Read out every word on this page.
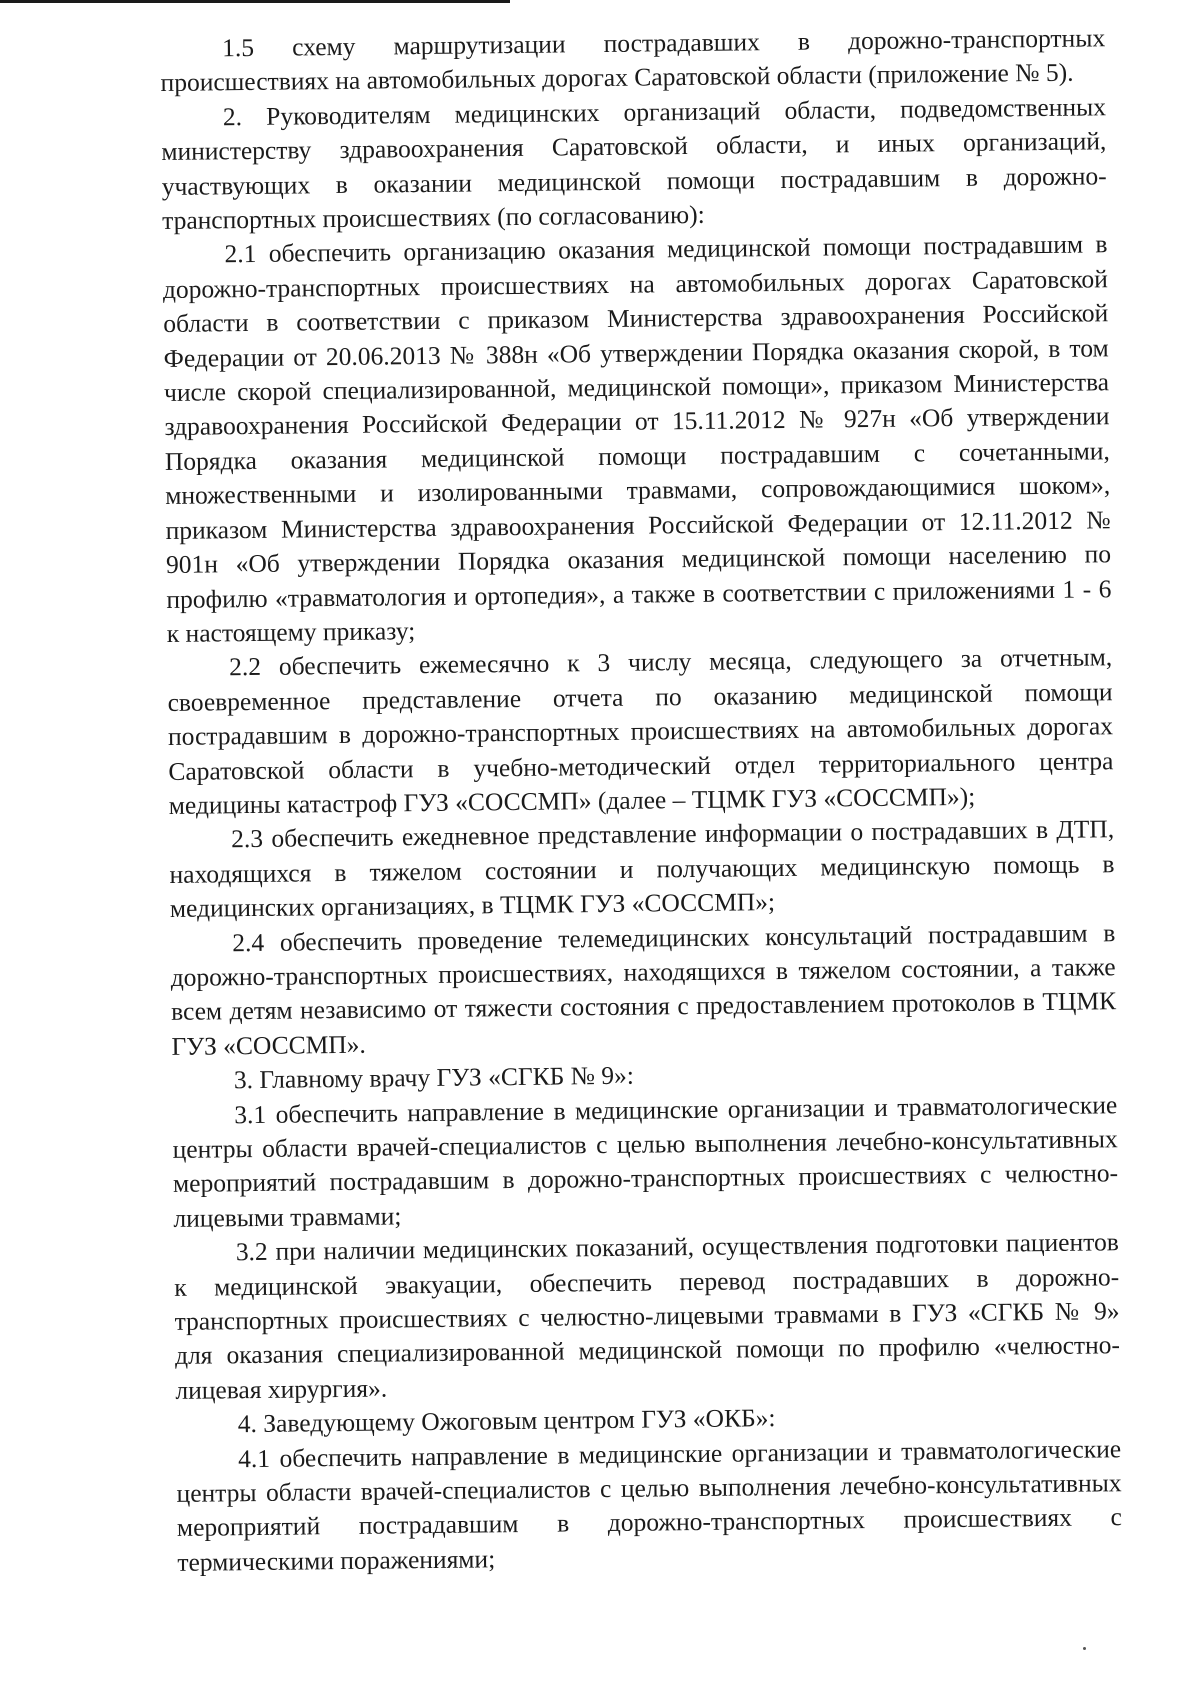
1.5 схему маршрутизации пострадавших в дорожно-транспортных происшествиях на автомобильных дорогах Саратовской области (приложение № 5).

2. Руководителям медицинских организаций области, подведомственных министерству здравоохранения Саратовской области, и иных организаций, участвующих в оказании медицинской помощи пострадавшим в дорожно-транспортных происшествиях (по согласованию):

2.1 обеспечить организацию оказания медицинской помощи пострадавшим в дорожно-транспортных происшествиях на автомобильных дорогах Саратовской области в соответствии с приказом Министерства здравоохранения Российской Федерации от 20.06.2013 № 388н «Об утверждении Порядка оказания скорой, в том числе скорой специализированной, медицинской помощи», приказом Министерства здравоохранения Российской Федерации от 15.11.2012 № 927н «Об утверждении Порядка оказания медицинской помощи пострадавшим с сочетанными, множественными и изолированными травмами, сопровождающимися шоком», приказом Министерства здравоохранения Российской Федерации от 12.11.2012 № 901н «Об утверждении Порядка оказания медицинской помощи населению по профилю «травматология и ортопедия», а также в соответствии с приложениями 1 - 6 к настоящему приказу;

2.2 обеспечить ежемесячно к 3 числу месяца, следующего за отчетным, своевременное представление отчета по оказанию медицинской помощи пострадавшим в дорожно-транспортных происшествиях на автомобильных дорогах Саратовской области в учебно-методический отдел территориального центра медицины катастроф ГУЗ «СОССМП» (далее – ТЦМК ГУЗ «СОССМП»);

2.3 обеспечить ежедневное представление информации о пострадавших в ДТП, находящихся в тяжелом состоянии и получающих медицинскую помощь в медицинских организациях, в ТЦМК ГУЗ «СОССМП»;

2.4 обеспечить проведение телемедицинских консультаций пострадавшим в дорожно-транспортных происшествиях, находящихся в тяжелом состоянии, а также всем детям независимо от тяжести состояния с предоставлением протоколов в ТЦМК ГУЗ «СОССМП».

3. Главному врачу ГУЗ «СГКБ № 9»:

3.1 обеспечить направление в медицинские организации и травматологические центры области врачей-специалистов с целью выполнения лечебно-консультативных мероприятий пострадавшим в дорожно-транспортных происшествиях с челюстно-лицевыми травмами;

3.2 при наличии медицинских показаний, осуществления подготовки пациентов к медицинской эвакуации, обеспечить перевод пострадавших в дорожно-транспортных происшествиях с челюстно-лицевыми травмами в ГУЗ «СГКБ № 9» для оказания специализированной медицинской помощи по профилю «челюстно-лицевая хирургия».

4. Заведующему Ожоговым центром ГУЗ «ОКБ»:

4.1 обеспечить направление в медицинские организации и травматологические центры области врачей-специалистов с целью выполнения лечебно-консультативных мероприятий пострадавшим в дорожно-транспортных происшествиях с термическими поражениями;
